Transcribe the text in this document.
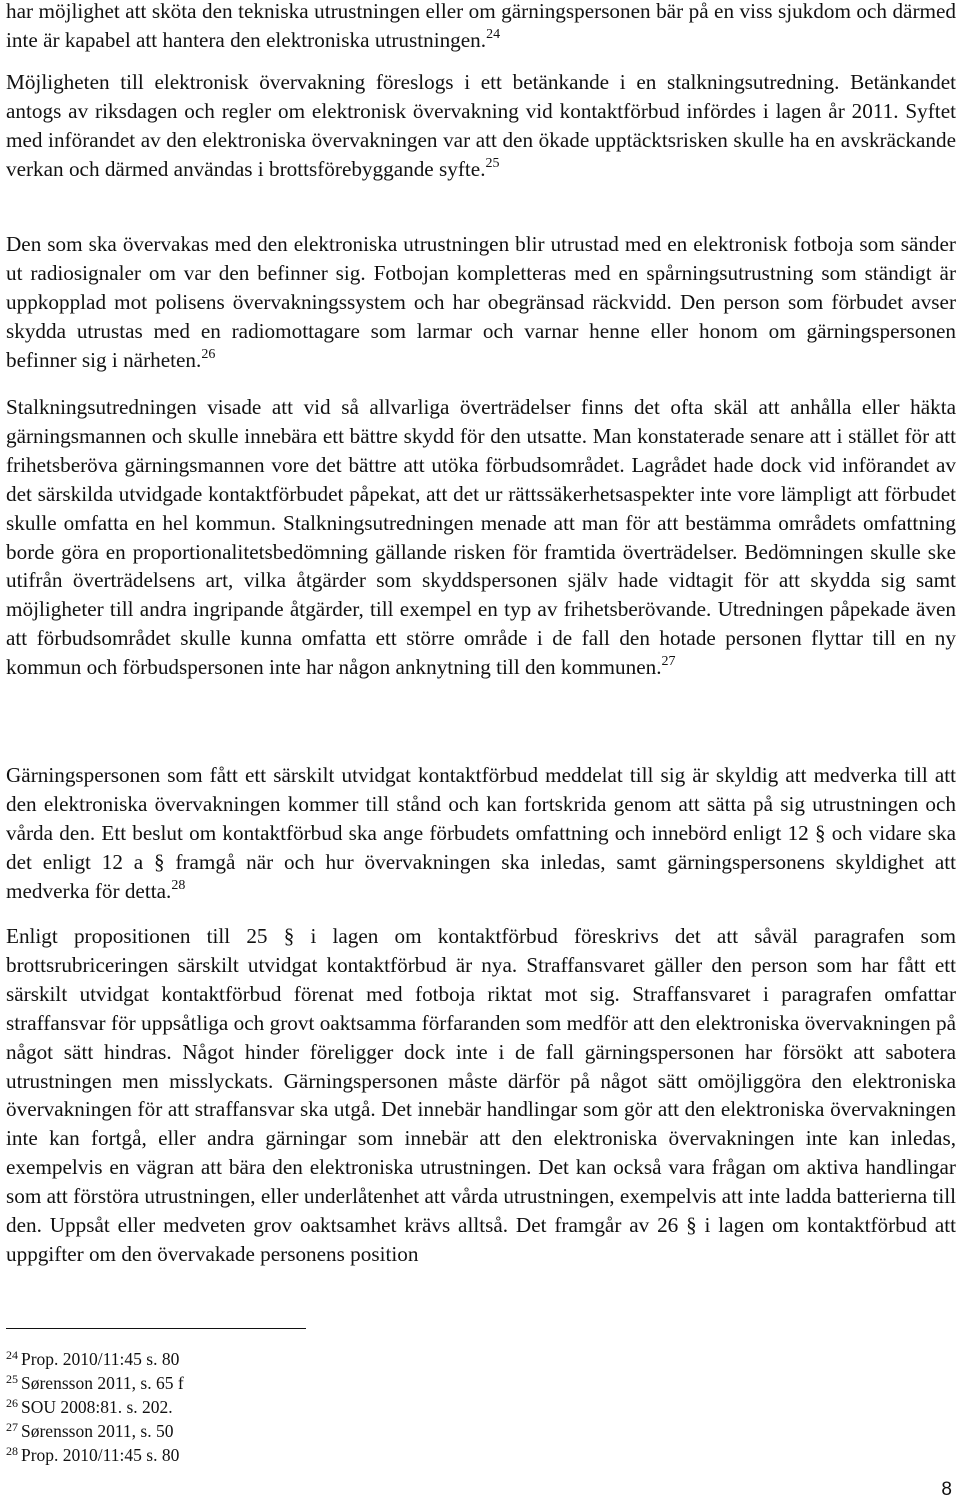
har möjlighet att sköta den tekniska utrustningen eller om gärningspersonen bär på en viss sjukdom och därmed inte är kapabel att hantera den elektroniska utrustningen.$^{24}$

Möjligheten till elektronisk övervakning föreslogs i ett betänkande i en stalkningsutredning. Betänkandet antogs av riksdagen och regler om elektronisk övervakning vid kontaktförbud infördes i lagen år 2011. Syftet med införandet av den elektroniska övervakningen var att den ökade upptäcktsrisken skulle ha en avskräckande verkan och därmed användas i brottsförebyggande syfte.$^{25}$

Den som ska övervakas med den elektroniska utrustningen blir utrustad med en elektronisk fotboja som sänder ut radiosignaler om var den befinner sig. Fotbojan kompletteras med en spårningsutrustning som ständigt är uppkopplad mot polisens övervakningssystem och har obegränsad räckvidd. Den person som förbudet avser skydda utrustas med en radiomottagare som larmar och varnar henne eller honom om gärningspersonen befinner sig i närheten.$^{26}$

Stalkningsutredningen visade att vid så allvarliga överträdelser finns det ofta skäl att anhålla eller häkta gärningsmannen och skulle innebära ett bättre skydd för den utsatte. Man konstaterade senare att i stället för att frihetsberöva gärningsmannen vore det bättre att utöka förbudsområdet. Lagrådet hade dock vid införandet av det särskilda utvidgade kontaktförbudet påpekat, att det ur rättssäkerhetsaspekter inte vore lämpligt att förbudet skulle omfatta en hel kommun. Stalkningsutredningen menade att man för att bestämma områdets omfattning borde göra en proportionalitetsbedömning gällande risken för framtida överträdelser. Bedömningen skulle ske utifrån överträdelsens art, vilka åtgärder som skyddspersonen själv hade vidtagit för att skydda sig samt möjligheter till andra ingripande åtgärder, till exempel en typ av frihetsberövande. Utredningen påpekade även att förbudsområdet skulle kunna omfatta ett större område i de fall den hotade personen flyttar till en ny kommun och förbudspersonen inte har någon anknytning till den kommunen.$^{27}$

Gärningspersonen som fått ett särskilt utvidgat kontaktförbud meddelat till sig är skyldig att medverka till att den elektroniska övervakningen kommer till stånd och kan fortskrida genom att sätta på sig utrustningen och vårda den. Ett beslut om kontaktförbud ska ange förbudets omfattning och innebörd enligt 12 § och vidare ska det enligt 12 a § framgå när och hur övervakningen ska inledas, samt gärningspersonens skyldighet att medverka för detta.$^{28}$

Enligt propositionen till 25 § i lagen om kontaktförbud föreskrivs det att såväl paragrafen som brottsrubriceringen särskilt utvidgat kontaktförbud är nya. Straffansvaret gäller den person som har fått ett särskilt utvidgat kontaktförbud förenat med fotboja riktat mot sig. Straffansvaret i paragrafen omfattar straffansvar för uppsåtliga och grovt oaktsamma förfaranden som medför att den elektroniska övervakningen på något sätt hindras. Något hinder föreligger dock inte i de fall gärningspersonen har försökt att sabotera utrustningen men misslyckats. Gärningspersonen måste därför på något sätt omöjliggöra den elektroniska övervakningen för att straffansvar ska utgå. Det innebär handlingar som gör att den elektroniska övervakningen inte kan fortgå, eller andra gärningar som innebär att den elektroniska övervakningen inte kan inledas, exempelvis en vägran att bära den elektroniska utrustningen. Det kan också vara frågan om aktiva handlingar som att förstöra utrustningen, eller underlåtenhet att vårda utrustningen, exempelvis att inte ladda batterierna till den. Uppsåt eller medveten grov oaktsamhet krävs alltså. Det framgår av 26 § i lagen om kontaktförbud att uppgifter om den övervakade personens position

$^{24}$ Prop. 2010/11:45 s. 80
$^{25}$ Sørensson 2011, s. 65 f
$^{26}$ SOU 2008:81. s. 202.
$^{27}$ Sørensson 2011, s. 50
$^{28}$ Prop. 2010/11:45 s. 80
8
